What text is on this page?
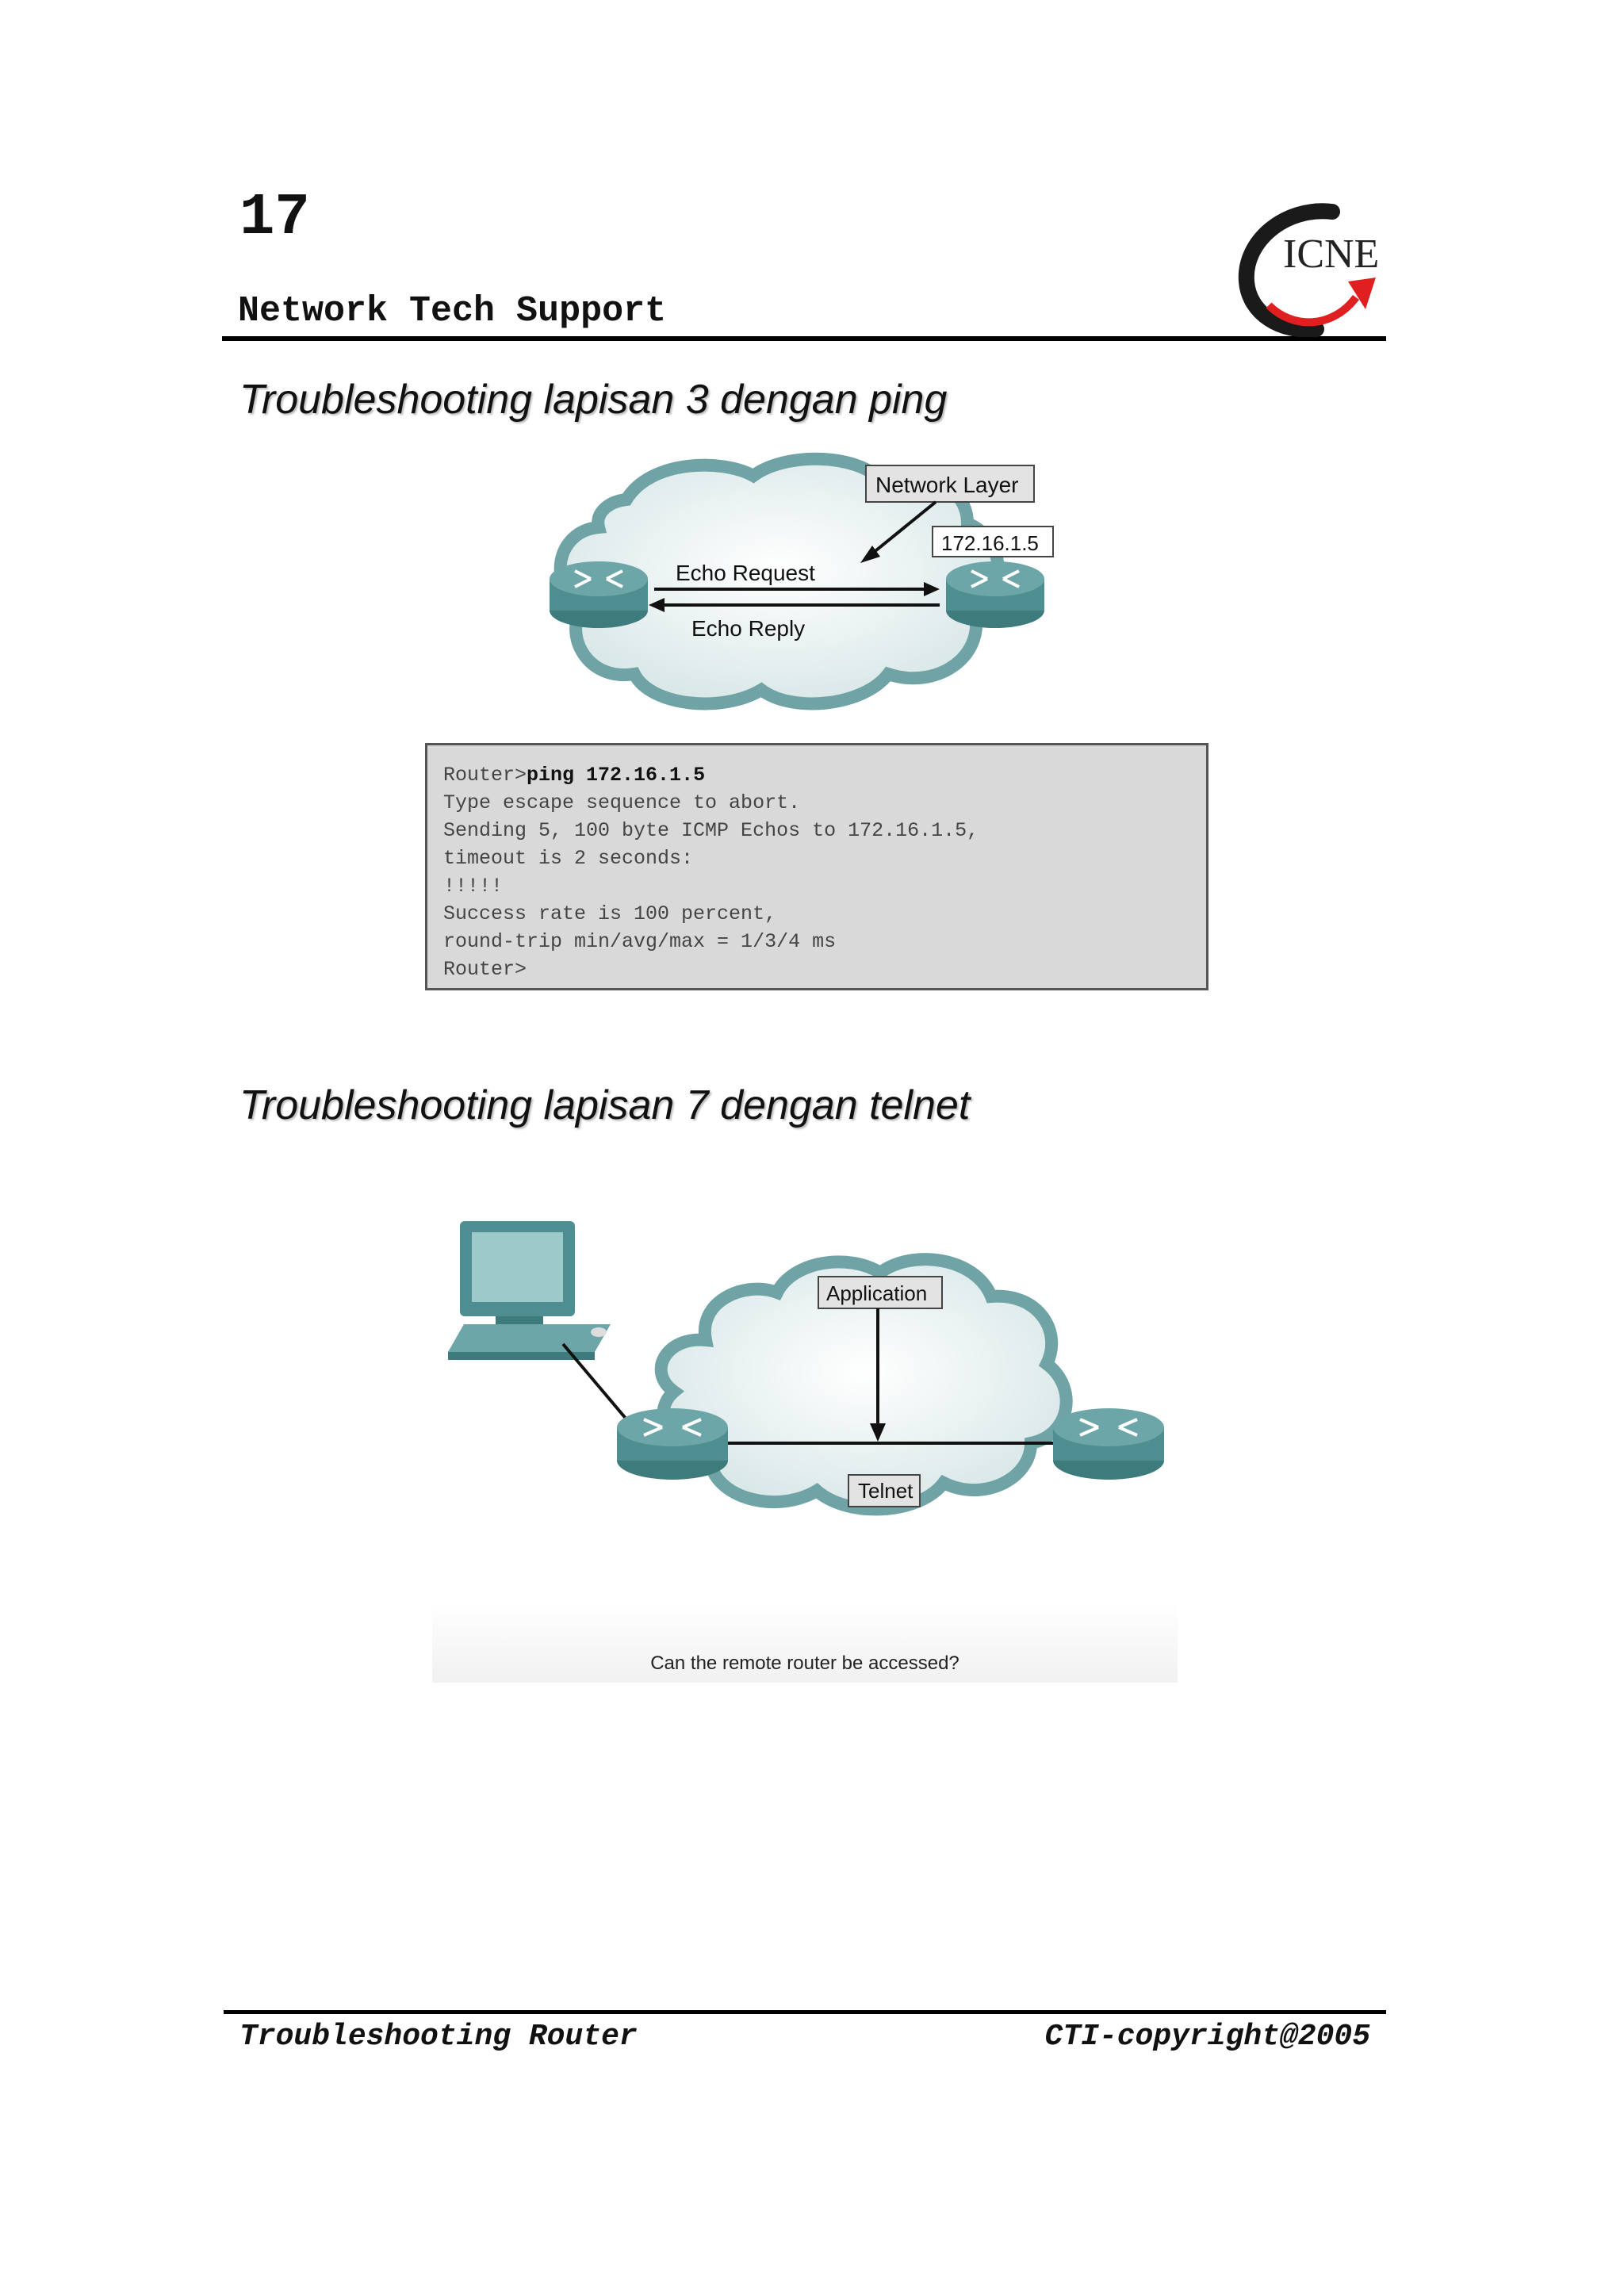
17
Network Tech Support
ICNE
Troubleshooting lapisan 3 dengan ping
Echo Request
Echo Reply
Network Layer
172.16.1.5
Router>ping 172.16.1.5
Type escape sequence to abort.
Sending 5, 100 byte ICMP Echos to 172.16.1.5,
timeout is 2 seconds:
!!!!!
Success rate is 100 percent,
round-trip min/avg/max = 1/3/4 ms
Router>
Troubleshooting lapisan 7 dengan telnet
Application
Telnet
Can the remote router be accessed?
Troubleshooting Router	CTI-copyright@2005
